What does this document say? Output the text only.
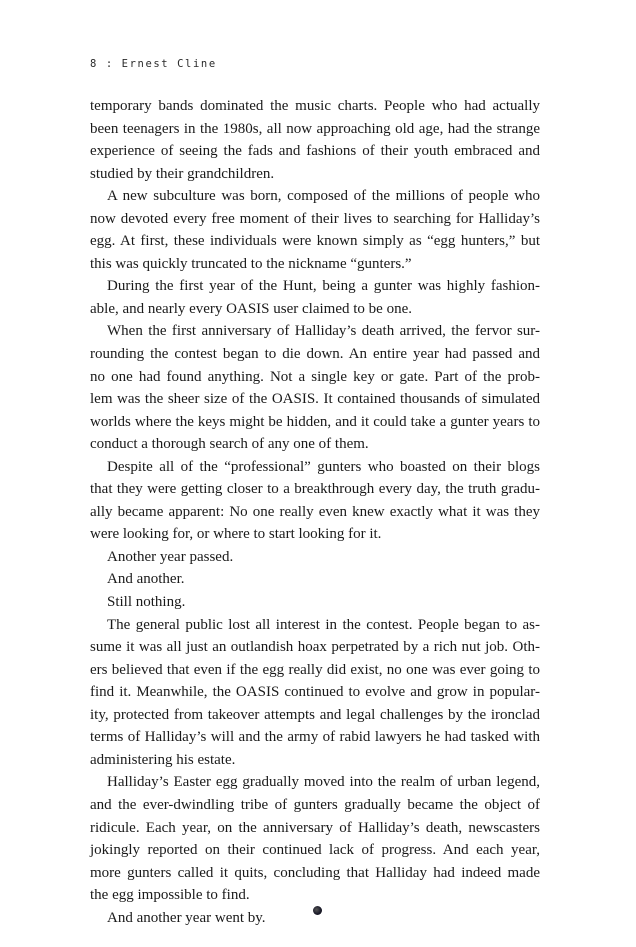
8 : Ernest Cline
temporary bands dominated the music charts. People who had actually
been teenagers in the 1980s, all now approaching old age, had the strange
experience of seeing the fads and fashions of their youth embraced and
studied by their grandchildren.
A new subculture was born, composed of the millions of people who
now devoted every free moment of their lives to searching for Halliday’s
egg. At first, these individuals were known simply as “egg hunters,” but
this was quickly truncated to the nickname “gunters.”
During the first year of the Hunt, being a gunter was highly fashion-
able, and nearly every OASIS user claimed to be one.
When the first anniversary of Halliday’s death arrived, the fervor sur-
rounding the contest began to die down. An entire year had passed and
no one had found anything. Not a single key or gate. Part of the prob-
lem was the sheer size of the OASIS. It contained thousands of simulated
worlds where the keys might be hidden, and it could take a gunter years to
conduct a thorough search of any one of them.
Despite all of the “professional” gunters who boasted on their blogs
that they were getting closer to a breakthrough every day, the truth gradu-
ally became apparent: No one really even knew exactly what it was they
were looking for, or where to start looking for it.
Another year passed.
And another.
Still nothing.
The general public lost all interest in the contest. People began to as-
sume it was all just an outlandish hoax perpetrated by a rich nut job. Oth-
ers believed that even if the egg really did exist, no one was ever going to
find it. Meanwhile, the OASIS continued to evolve and grow in popular-
ity, protected from takeover attempts and legal challenges by the ironclad
terms of Halliday’s will and the army of rabid lawyers he had tasked with
administering his estate.
Halliday’s Easter egg gradually moved into the realm of urban legend,
and the ever-dwindling tribe of gunters gradually became the object of
ridicule. Each year, on the anniversary of Halliday’s death, newscasters
jokingly reported on their continued lack of progress. And each year,
more gunters called it quits, concluding that Halliday had indeed made
the egg impossible to find.
And another year went by.
